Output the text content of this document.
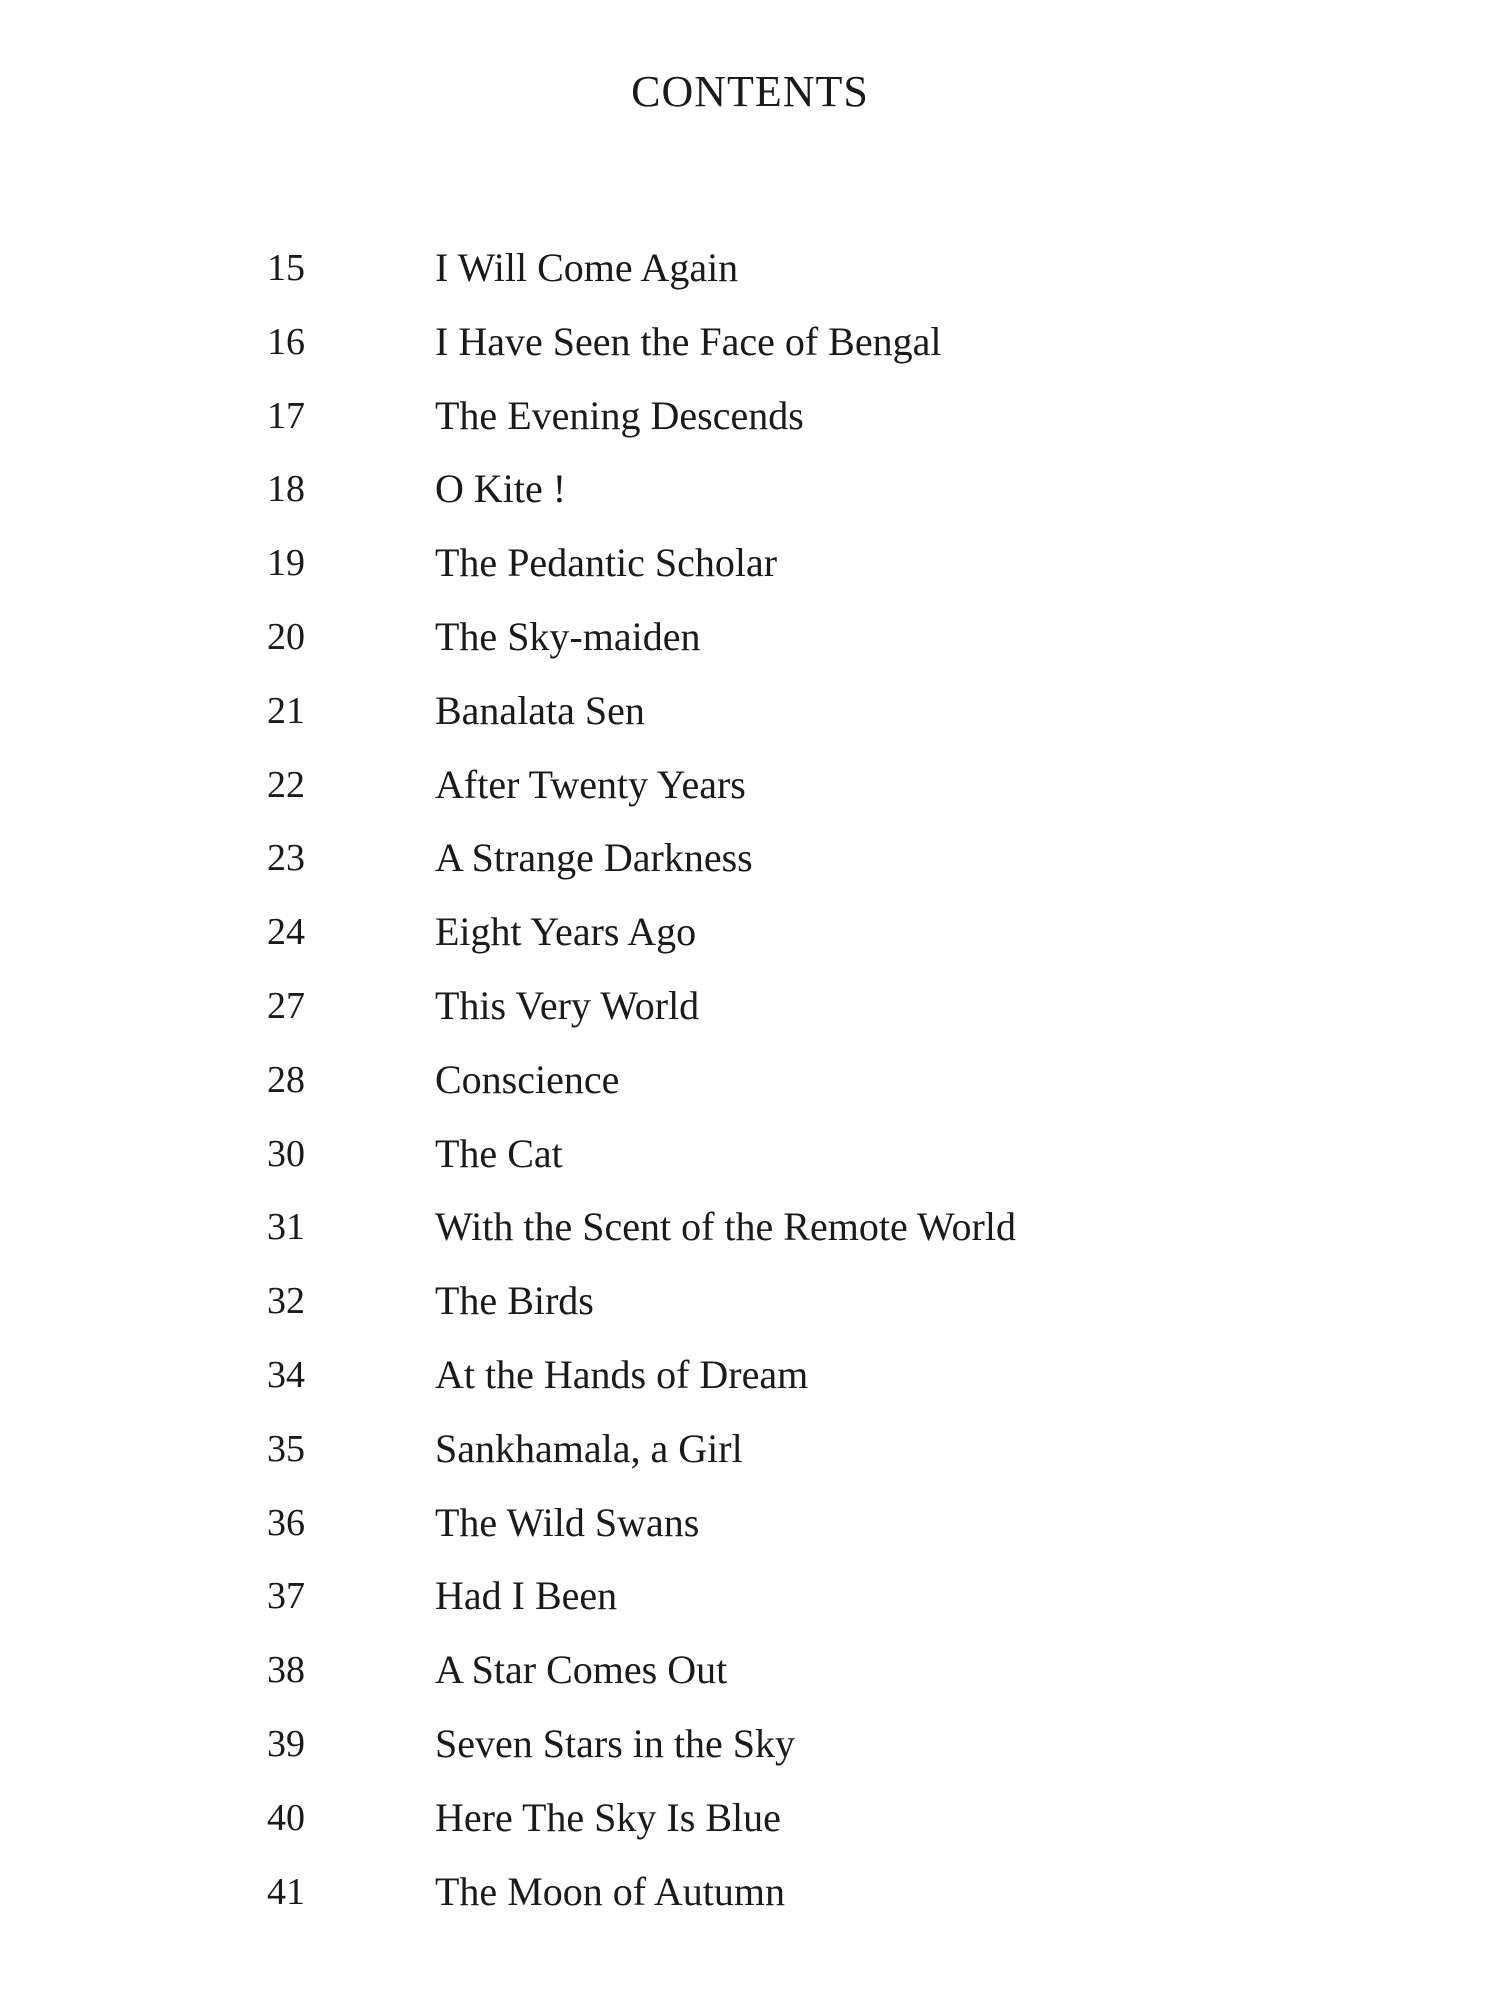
CONTENTS
15	I Will Come Again
16	I Have Seen the Face of Bengal
17	The Evening Descends
18	O Kite !
19	The Pedantic Scholar
20	The Sky-maiden
21	Banalata Sen
22	After Twenty Years
23	A Strange Darkness
24	Eight Years Ago
27	This Very World
28	Conscience
30	The Cat
31	With the Scent of the Remote World
32	The Birds
34	At the Hands of Dream
35	Sankhamala, a Girl
36	The Wild Swans
37	Had I Been
38	A Star Comes Out
39	Seven Stars in the Sky
40	Here The Sky Is Blue
41	The Moon of Autumn
